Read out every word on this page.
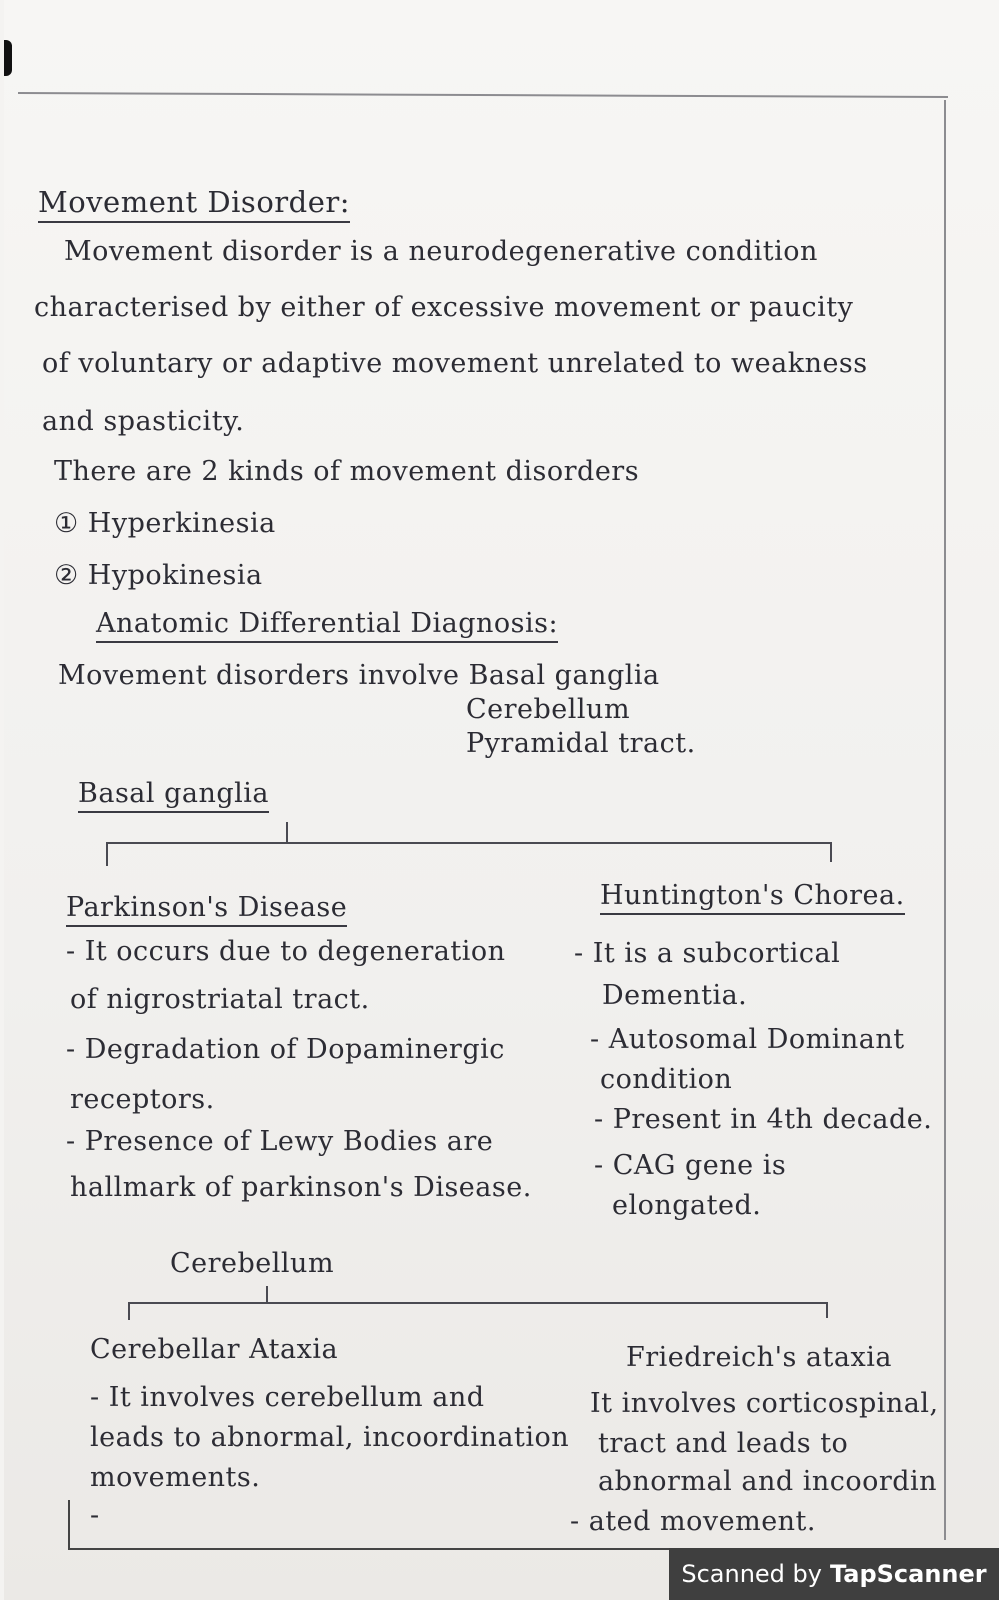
Movement Disorder:
Movement disorder is a neurodegenerative condition
characterised by either of excessive movement or paucity
of voluntary or adaptive movement unrelated to weakness
and spasticity.
There are 2 kinds of movement disorders
① Hyperkinesia
② Hypokinesia
Anatomic Differential Diagnosis:
Movement disorders involve Basal ganglia
Cerebellum
Pyramidal tract.
Basal ganglia
Parkinson's Disease
- It occurs due to degeneration
of nigrostriatal tract.
- Degradation of Dopaminergic
receptors.
- Presence of Lewy Bodies are
hallmark of parkinson's Disease.
Huntington's Chorea.
- It is a subcortical
Dementia.
- Autosomal Dominant
condition
- Present in 4th decade.
- CAG gene is
elongated.
Cerebellum
Cerebellar Ataxia
- It involves cerebellum and
leads to abnormal, incoordination
movements.
-
Friedreich's ataxia
It involves corticospinal,
tract and leads to
abnormal and incoordin
- ated movement.
Scanned by TapScanner
